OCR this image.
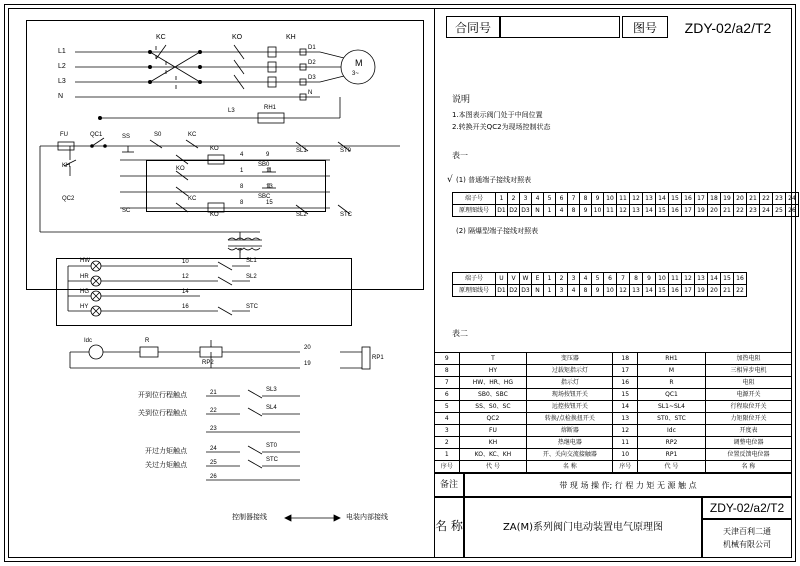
合同号	图号	ZDY-02/a2/T2
说明
1.本图表示阀门处于中间位置
2.转换开关QC2为现场控制状态
表一
√ (1) 普通端子接线对照表
端子号	1	2	3	4	5	6	7	8	9	10	11	12	13	14	15	16	17	18	19	20	21	22	23	24
原理图线号	D1	D2	D3	N	1	4	8	9	10	11	12	13	14	15	16	17	19	20	21	22	23	24	25	26
(2) 隔爆型端子接线对照表
端子号	U	V	W	E	1	2	3	4	5	6	7	8	9	10	11	12	13	14	15	16
原理图线号	D1	D2	D3	N	1	3	4	8	9	10	12	13	14	15	16	17	19	20	21	22
表二
9	T	变压器	18	RH1	加热电阻
8	HY	过载矩指示灯	17	M	三相异步电机
7	HW、HR、HG	指示灯	16	R	电阻
6	SB0、SBC	现场按钮开关	15	QC1	电源开关
5	SS、S0、SC	远控按钮开关	14	SL1~SL4	行程取位开关
4	QC2	转换/点检换扭开关	13	ST0、STC	力矩限位开关
3	FU	熔断器	12	Idc	开度表
2	KH	热继电器	11	RP2	调整电位器
1	KO、KC、KH	开、关向交流接触器	10	RP1	位置反馈电位器
序号	代 号	名 称	序号	代 号	名 称
备注	带 现 场 操 作; 行 程 力 矩 无 源 触 点
名 称	ZA(M)系列阀门电动装置电气原理图
ZDY-02/a2/T2
天津百利二通
机械有限公司
L1
L2
L3
N
KC	KO	KH
D1
D2
D3
N
M
3~
L3	RH1
FU	QC1
KH
QC2
SS	S0	KC
KO	SL1	ST0
KO
SB0
SBC
SC
KC
KO	SL2	STC
T
9
11
13
15
4
1
8
8
HW
HR
HG
HY
10
12
14
16
SL1
SL2
STC
Idc	R
RP2
RP1
20
19
开到位行程触点	21	SL3
关到位行程触点	22	SL4
23
开过力矩触点	24	ST0
关过力矩触点	25	STC
26
控制器接线	电装内部接线
